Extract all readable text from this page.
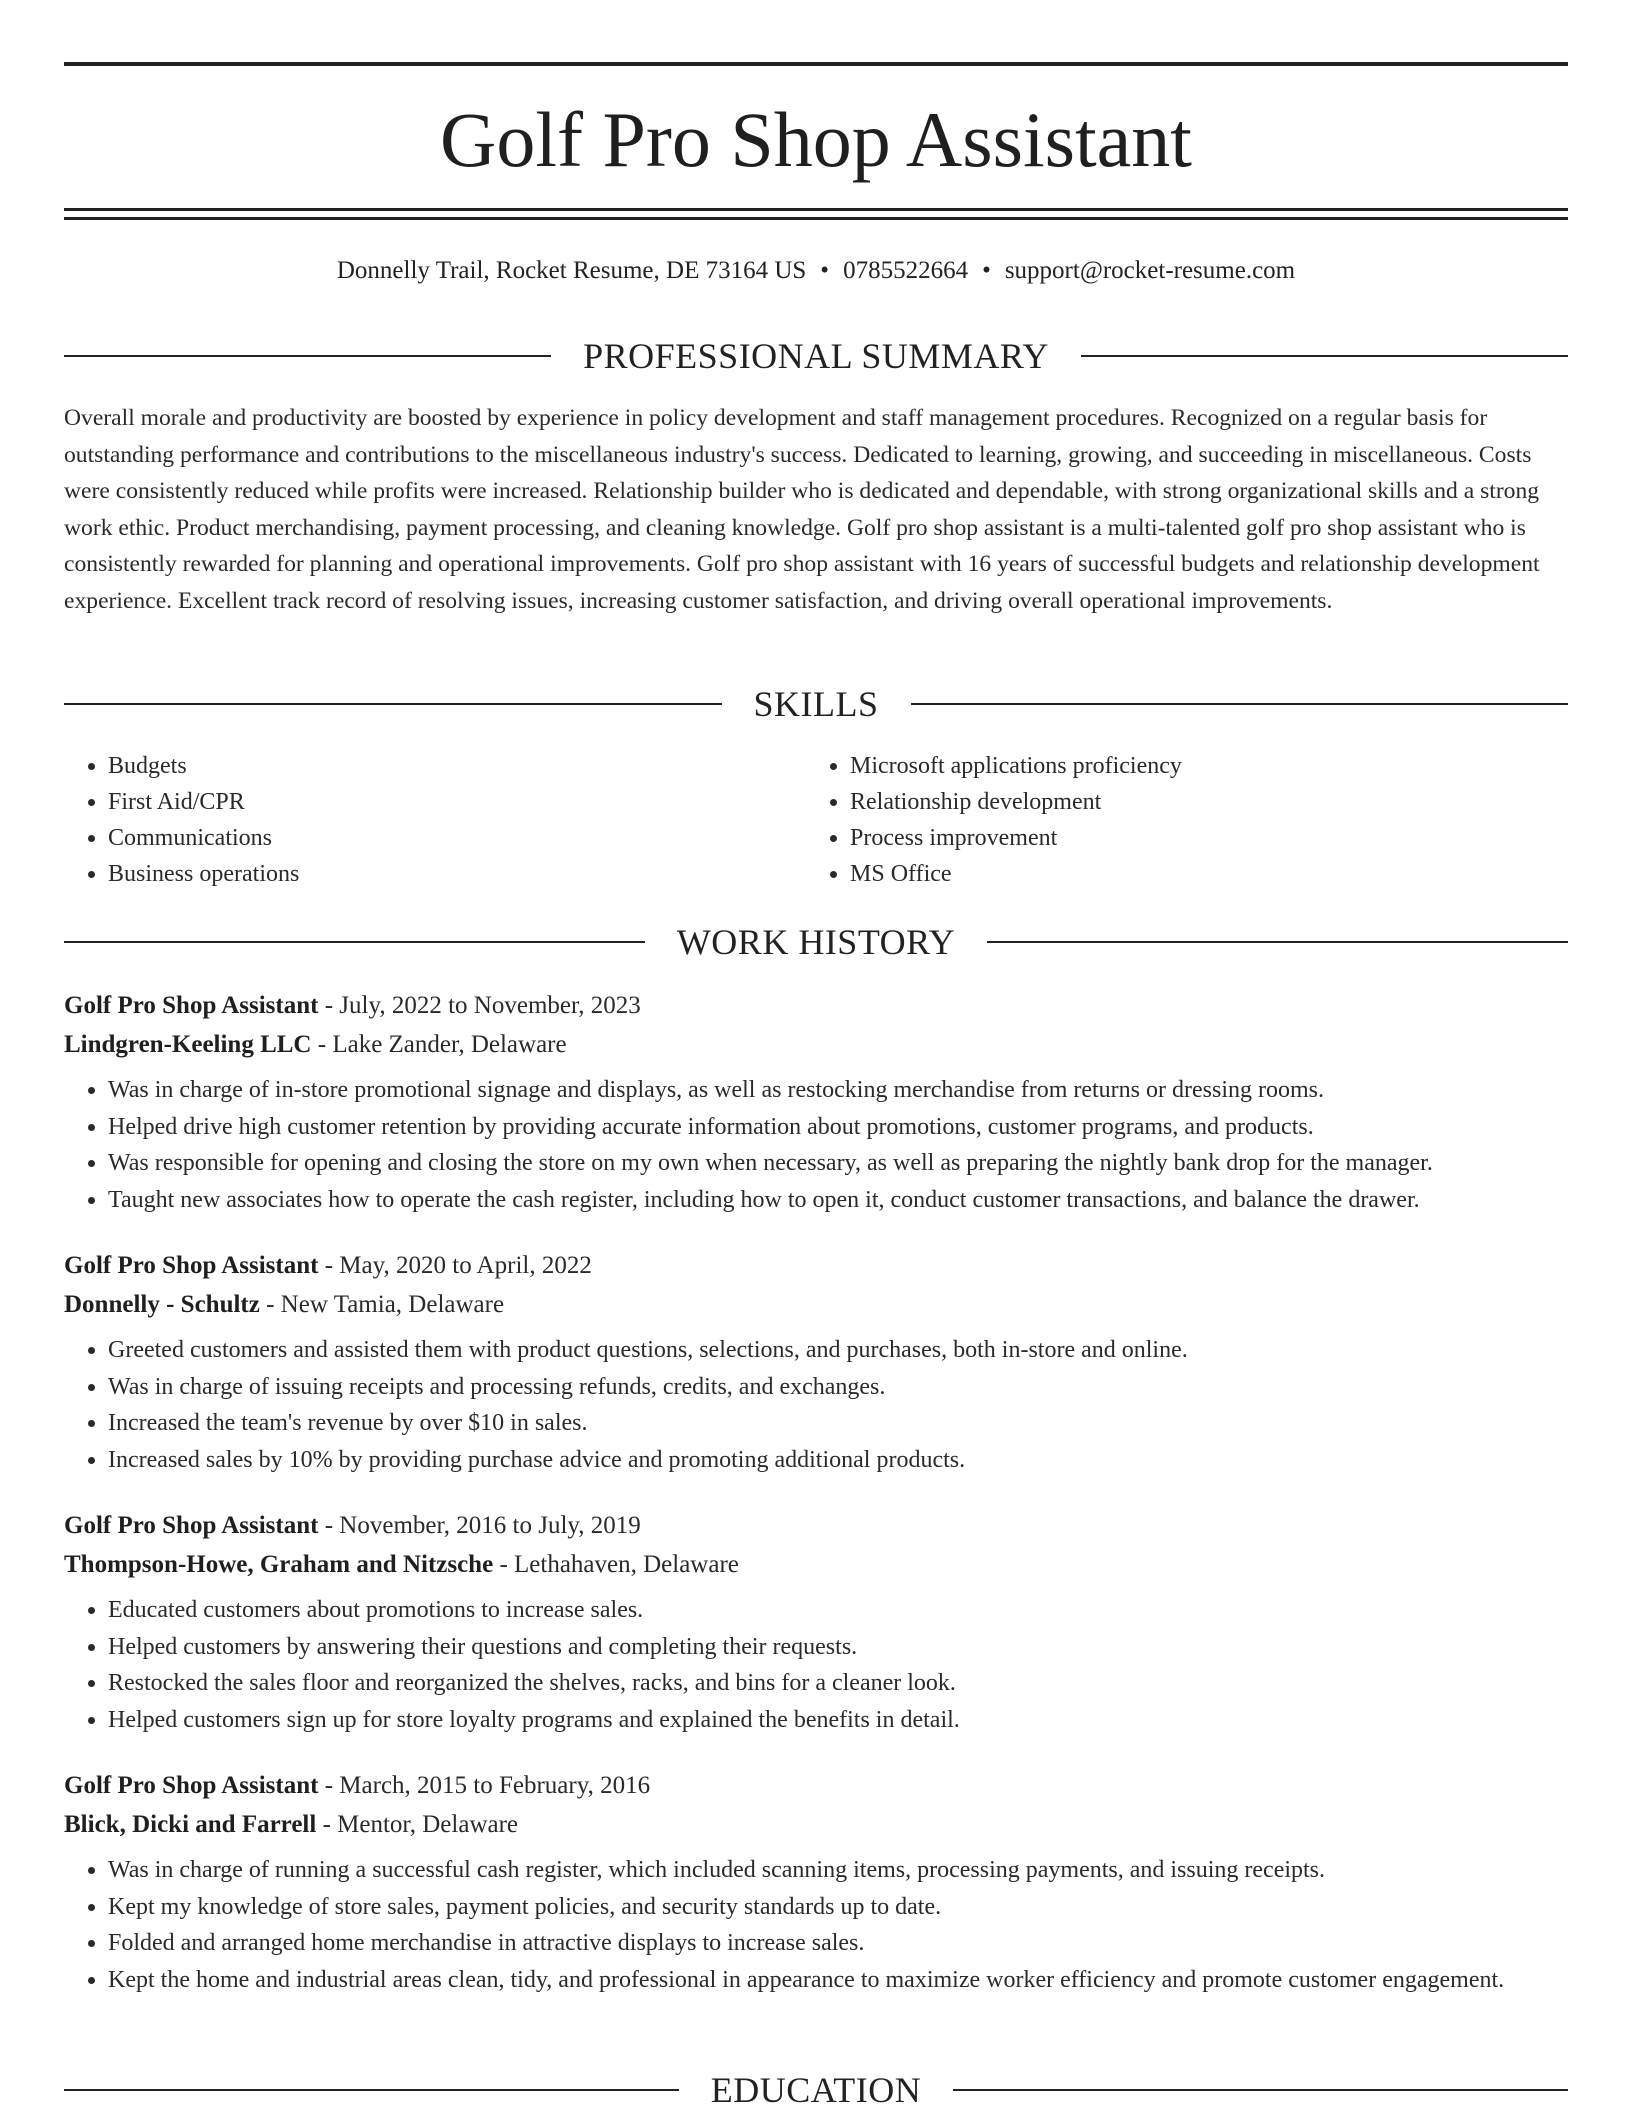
Golf Pro Shop Assistant
Donnelly Trail, Rocket Resume, DE 73164 US • 0785522664 • support@rocket-resume.com
PROFESSIONAL SUMMARY

Overall morale and productivity are boosted by experience in policy development and staff management procedures. Recognized on a regular basis for outstanding performance and contributions to the miscellaneous industry's success. Dedicated to learning, growing, and succeeding in miscellaneous. Costs were consistently reduced while profits were increased. Relationship builder who is dedicated and dependable, with strong organizational skills and a strong work ethic. Product merchandising, payment processing, and cleaning knowledge. Golf pro shop assistant is a multi-talented golf pro shop assistant who is consistently rewarded for planning and operational improvements. Golf pro shop assistant with 16 years of successful budgets and relationship development experience. Excellent track record of resolving issues, increasing customer satisfaction, and driving overall operational improvements.

SKILLS
• Budgets
• First Aid/CPR
• Communications
• Business operations
• Microsoft applications proficiency
• Relationship development
• Process improvement
• MS Office
WORK HISTORY

Golf Pro Shop Assistant - July, 2022 to November, 2023

Lindgren-Keeling LLC - Lake Zander, Delaware

• Was in charge of in-store promotional signage and displays, as well as restocking merchandise from returns or dressing rooms.
• Helped drive high customer retention by providing accurate information about promotions, customer programs, and products.
• Was responsible for opening and closing the store on my own when necessary, as well as preparing the nightly bank drop for the manager.
• Taught new associates how to operate the cash register, including how to open it, conduct customer transactions, and balance the drawer.

Golf Pro Shop Assistant - May, 2020 to April, 2022

Donnelly - Schultz - New Tamia, Delaware

• Greeted customers and assisted them with product questions, selections, and purchases, both in-store and online.
• Was in charge of issuing receipts and processing refunds, credits, and exchanges.
• Increased the team's revenue by over $10 in sales.
• Increased sales by 10% by providing purchase advice and promoting additional products.

Golf Pro Shop Assistant - November, 2016 to July, 2019

Thompson-Howe, Graham and Nitzsche - Lethahaven, Delaware

• Educated customers about promotions to increase sales.
• Helped customers by answering their questions and completing their requests.
• Restocked the sales floor and reorganized the shelves, racks, and bins for a cleaner look.
• Helped customers sign up for store loyalty programs and explained the benefits in detail.

Golf Pro Shop Assistant - March, 2015 to February, 2016

Blick, Dicki and Farrell - Mentor, Delaware

• Was in charge of running a successful cash register, which included scanning items, processing payments, and issuing receipts.
• Kept my knowledge of store sales, payment policies, and security standards up to date.
• Folded and arranged home merchandise in attractive displays to increase sales.
• Kept the home and industrial areas clean, tidy, and professional in appearance to maximize worker efficiency and promote customer engagement.
EDUCATION
